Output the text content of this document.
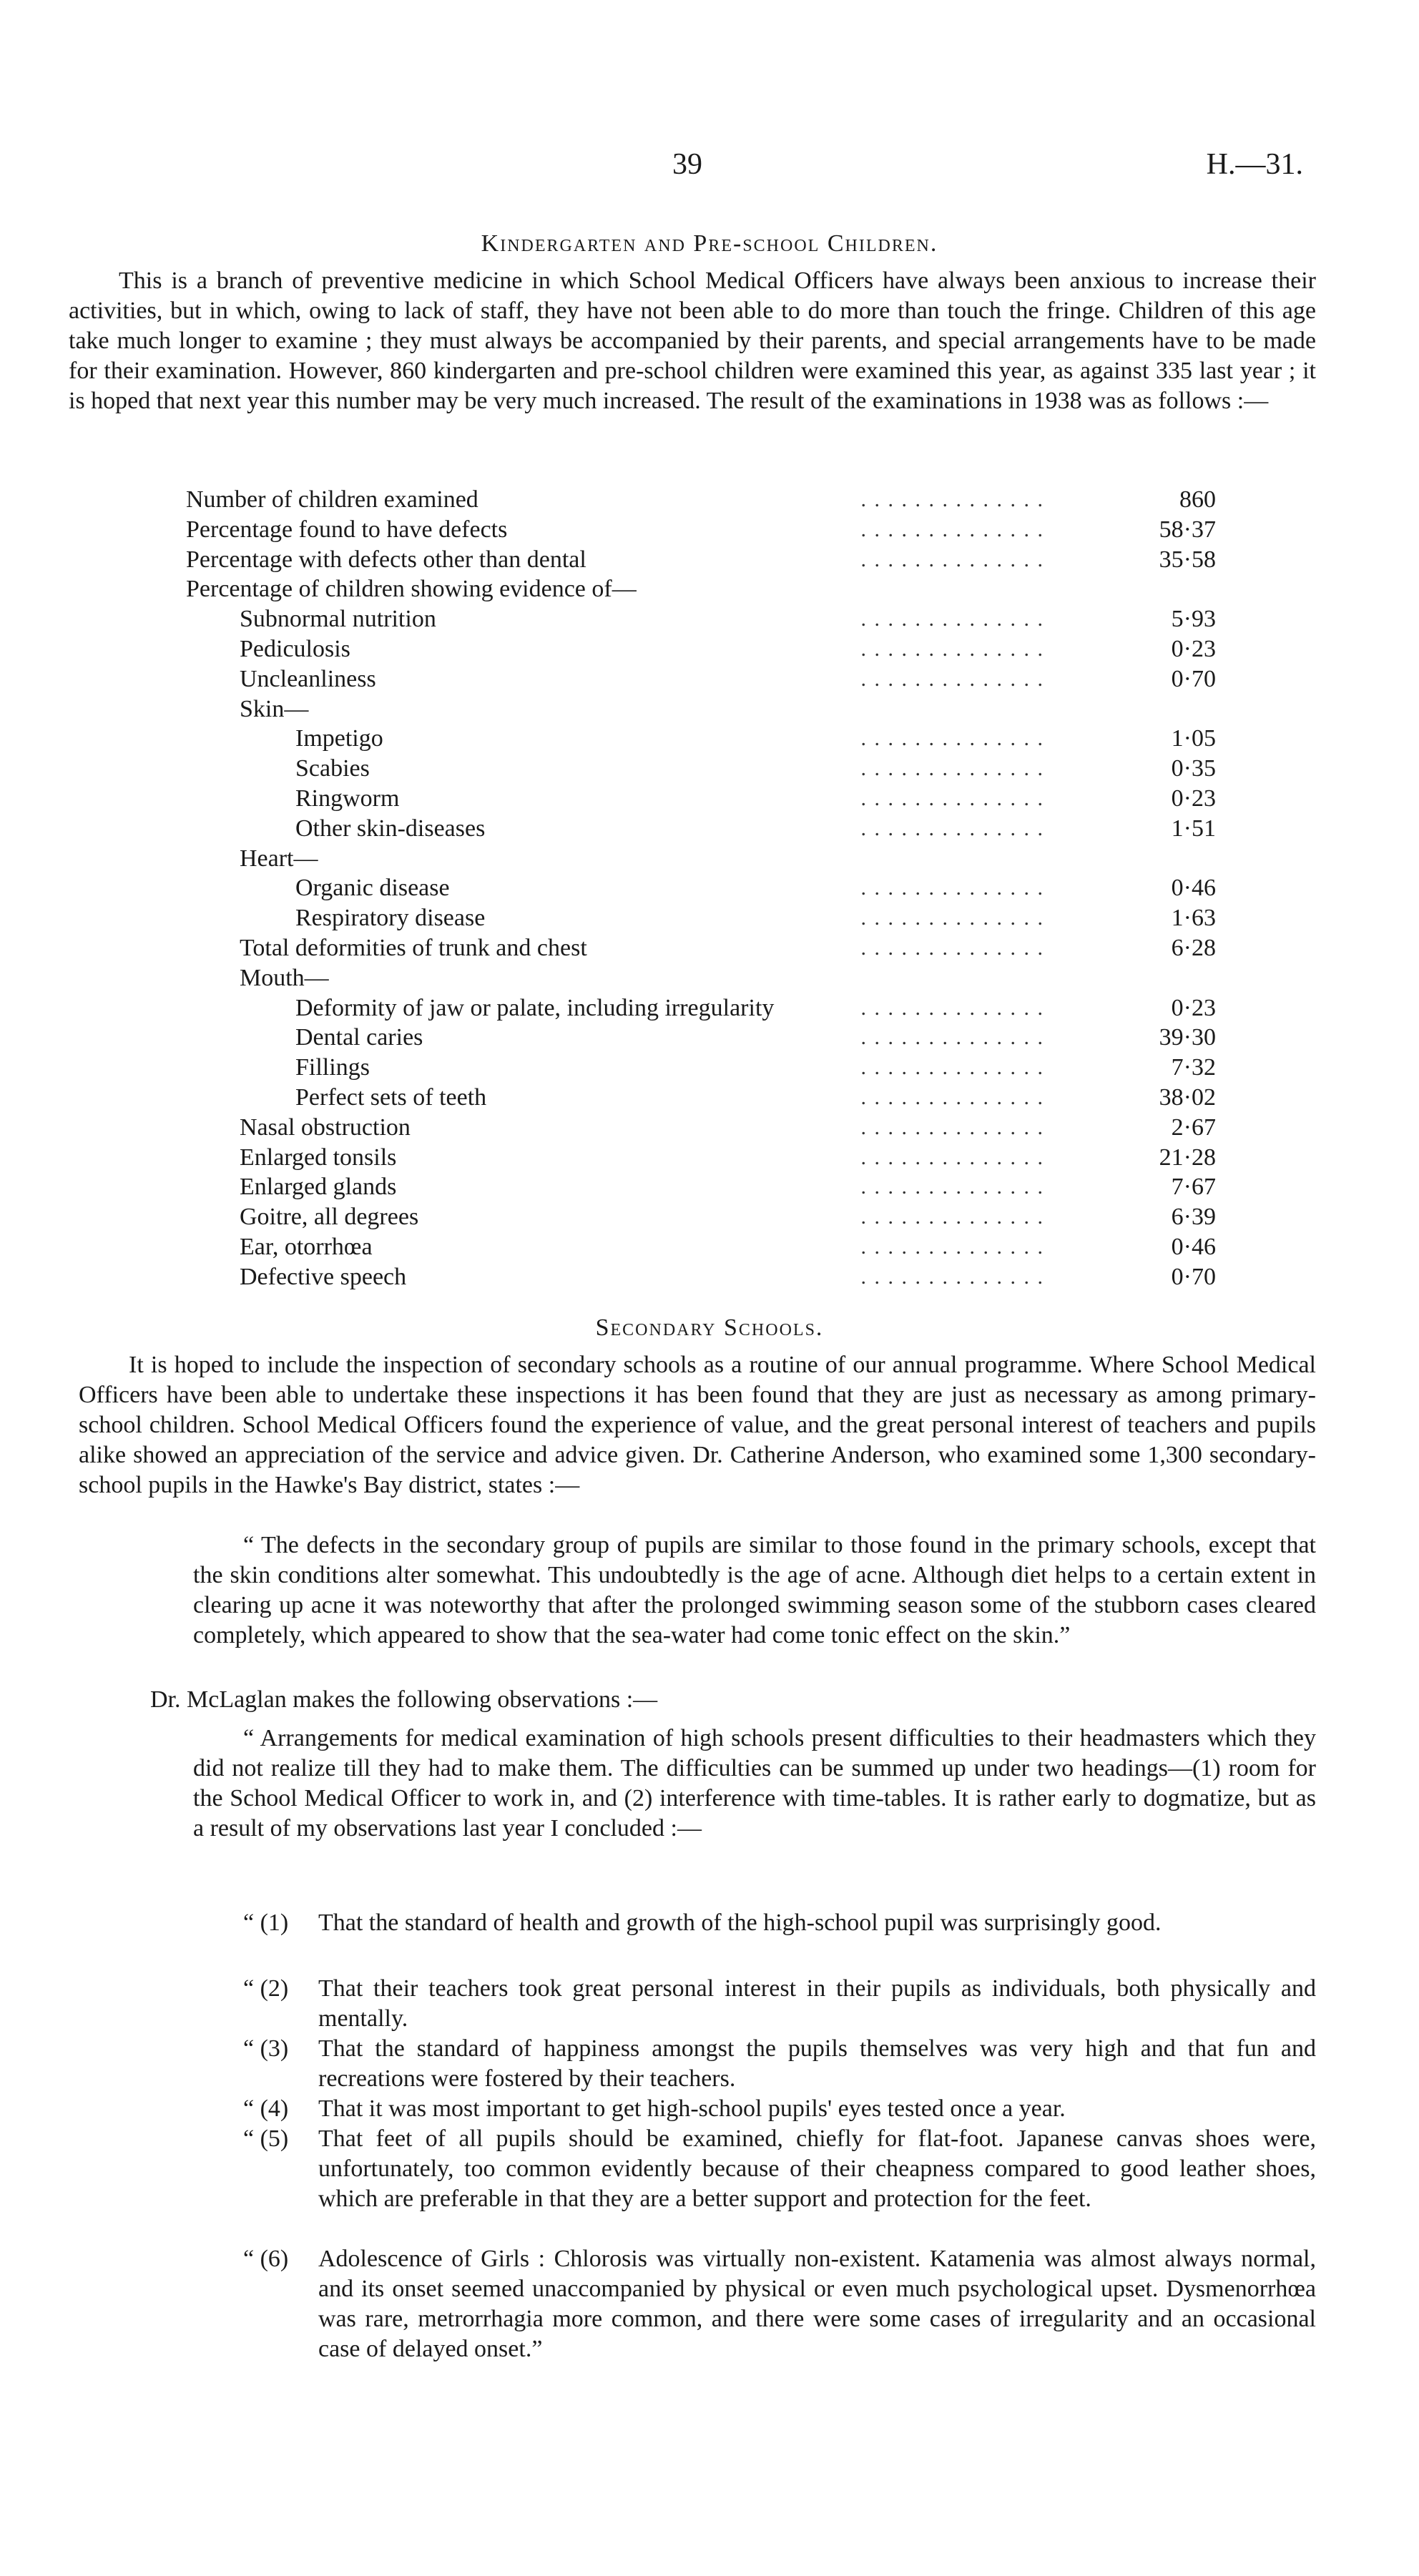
39	H.—31.
Kindergarten and Pre-school Children.
This is a branch of preventive medicine in which School Medical Officers have always been anxious to increase their activities, but in which, owing to lack of staff, they have not been able to do more than touch the fringe. Children of this age take much longer to examine ; they must always be accompanied by their parents, and special arrangements have to be made for their examination. However, 860 kindergarten and pre-school children were examined this year, as against 335 last year ; it is hoped that next year this number may be very much increased. The result of the examinations in 1938 was as follows :—
Number of children examined	. . . . . . . . . . . . . .	860
Percentage found to have defects	. . . . . . . . . . . . . .	58·37
Percentage with defects other than dental	. . . . . . . . . . . . . .	35·58
Percentage of children showing evidence of—
Subnormal nutrition	. . . . . . . . . . . . . .	5·93
Pediculosis	. . . . . . . . . . . . . .	0·23
Uncleanliness	. . . . . . . . . . . . . .	0·70
Skin—
Impetigo	. . . . . . . . . . . . . .	1·05
Scabies	. . . . . . . . . . . . . .	0·35
Ringworm	. . . . . . . . . . . . . .	0·23
Other skin-diseases	. . . . . . . . . . . . . .	1·51
Heart—
Organic disease	. . . . . . . . . . . . . .	0·46
Respiratory disease	. . . . . . . . . . . . . .	1·63
Total deformities of trunk and chest	. . . . . . . . . . . . . .	6·28
Mouth—
Deformity of jaw or palate, including irregularity	. . . . . . . . . . . . . .	0·23
Dental caries	. . . . . . . . . . . . . .	39·30
Fillings	. . . . . . . . . . . . . .	7·32
Perfect sets of teeth	. . . . . . . . . . . . . .	38·02
Nasal obstruction	. . . . . . . . . . . . . .	2·67
Enlarged tonsils	. . . . . . . . . . . . . .	21·28
Enlarged glands	. . . . . . . . . . . . . .	7·67
Goitre, all degrees	. . . . . . . . . . . . . .	6·39
Ear, otorrhœa	. . . . . . . . . . . . . .	0·46
Defective speech	. . . . . . . . . . . . . .	0·70
Secondary Schools.
It is hoped to include the inspection of secondary schools as a routine of our annual programme. Where School Medical Officers have been able to undertake these inspections it has been found that they are just as necessary as among primary-school children. School Medical Officers found the experience of value, and the great personal interest of teachers and pupils alike showed an appreciation of the service and advice given. Dr. Catherine Anderson, who examined some 1,300 secondary-school pupils in the Hawke's Bay district, states :—
“ The defects in the secondary group of pupils are similar to those found in the primary schools, except that the skin conditions alter somewhat. This undoubtedly is the age of acne. Although diet helps to a certain extent in clearing up acne it was noteworthy that after the prolonged swimming season some of the stubborn cases cleared completely, which appeared to show that the sea-water had come tonic effect on the skin.”
Dr. McLaglan makes the following observations :—
“ Arrangements for medical examination of high schools present difficulties to their headmasters which they did not realize till they had to make them. The difficulties can be summed up under two headings—(1) room for the School Medical Officer to work in, and (2) interference with time-tables. It is rather early to dogmatize, but as a result of my observations last year I concluded :—
“ (1)	That the standard of health and growth of the high-school pupil was surprisingly good.
“ (2)	That their teachers took great personal interest in their pupils as individuals, both physically and mentally.
“ (3)	That the standard of happiness amongst the pupils themselves was very high and that fun and recreations were fostered by their teachers.
“ (4)	That it was most important to get high-school pupils' eyes tested once a year.
“ (5)	That feet of all pupils should be examined, chiefly for flat-foot. Japanese canvas shoes were, unfortunately, too common evidently because of their cheapness compared to good leather shoes, which are preferable in that they are a better support and protection for the feet.
“ (6)	Adolescence of Girls : Chlorosis was virtually non-existent. Katamenia was almost always normal, and its onset seemed unaccompanied by physical or even much psychological upset. Dysmenorrhœa was rare, metrorrhagia more common, and there were some cases of irregularity and an occasional case of delayed onset.”
